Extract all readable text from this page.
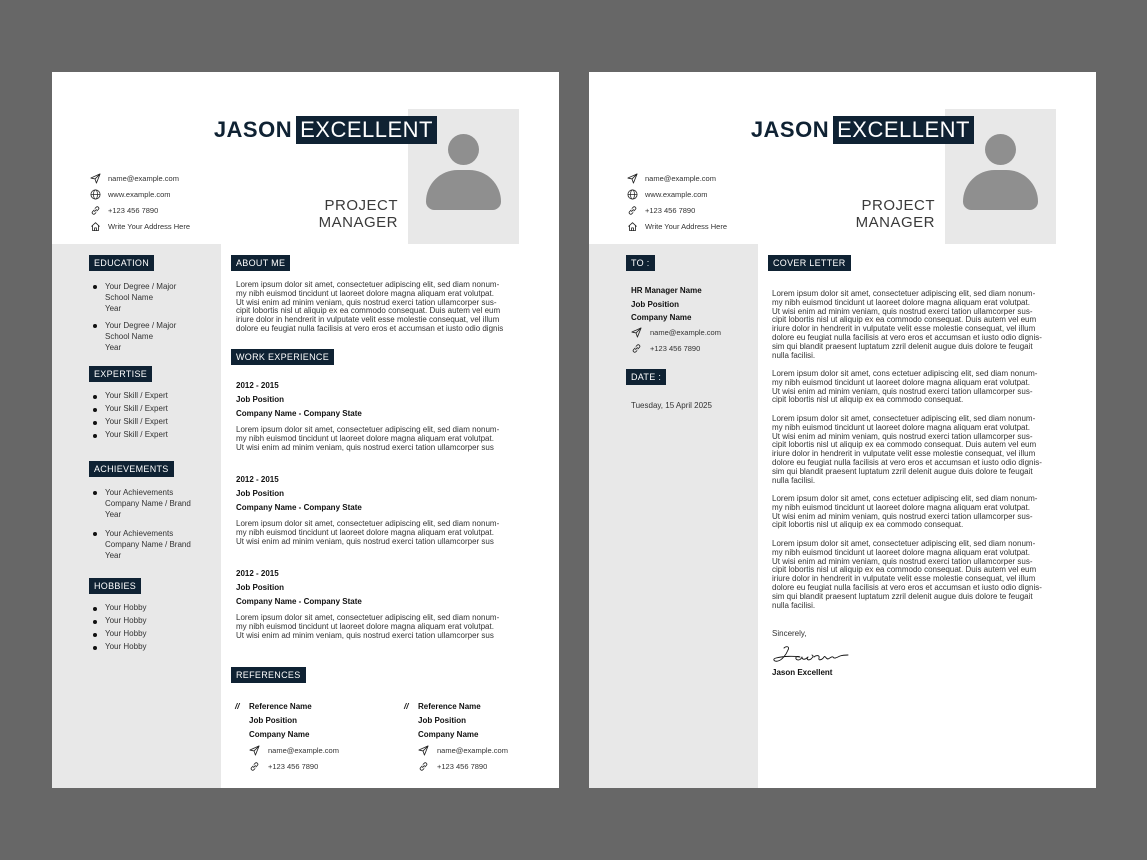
JASON EXCELLENT
PROJECT
MANAGER
name@example.com
www.example.com
+123 456 7890
Write Your Address Here
EDUCATION
Your Degree / Major
School Name
Year
Your Degree / Major
School Name
Year
EXPERTISE
Your Skill / Expert
Your Skill / Expert
Your Skill / Expert
Your Skill / Expert
ACHIEVEMENTS
Your Achievements
Company Name / Brand
Year
Your Achievements
Company Name / Brand
Year
HOBBIES
Your Hobby
Your Hobby
Your Hobby
Your Hobby
ABOUT ME
Lorem ipsum dolor sit amet, consectetuer adipiscing elit, sed diam nonum-
my nibh euismod tincidunt ut laoreet dolore magna aliquam erat volutpat.
Ut wisi enim ad minim veniam, quis nostrud exerci tation ullamcorper sus-
cipit lobortis nisl ut aliquip ex ea commodo consequat. Duis autem vel eum
iriure dolor in hendrerit in vulputate velit esse molestie consequat, vel illum
dolore eu feugiat nulla facilisis at vero eros et accumsan et iusto odio dignis
WORK EXPERIENCE
2012 - 2015
Job Position
Company Name - Company State
Lorem ipsum dolor sit amet, consectetuer adipiscing elit, sed diam nonum-
my nibh euismod tincidunt ut laoreet dolore magna aliquam erat volutpat.
Ut wisi enim ad minim veniam, quis nostrud exerci tation ullamcorper sus
2012 - 2015
Job Position
Company Name - Company State
Lorem ipsum dolor sit amet, consectetuer adipiscing elit, sed diam nonum-
my nibh euismod tincidunt ut laoreet dolore magna aliquam erat volutpat.
Ut wisi enim ad minim veniam, quis nostrud exerci tation ullamcorper sus
2012 - 2015
Job Position
Company Name - Company State
Lorem ipsum dolor sit amet, consectetuer adipiscing elit, sed diam nonum-
my nibh euismod tincidunt ut laoreet dolore magna aliquam erat volutpat.
Ut wisi enim ad minim veniam, quis nostrud exerci tation ullamcorper sus
REFERENCES
// Reference Name
Job Position
Company Name
name@example.com
+123 456 7890
// Reference Name
Job Position
Company Name
name@example.com
+123 456 7890
JASON EXCELLENT
PROJECT
MANAGER
name@example.com
www.example.com
+123 456 7890
Write Your Address Here
TO :
HR Manager Name
Job Position
Company Name
name@example.com
+123 456 7890
DATE :
Tuesday, 15 April 2025
COVER LETTER
Lorem ipsum dolor sit amet, consectetuer adipiscing elit, sed diam nonum-
my nibh euismod tincidunt ut laoreet dolore magna aliquam erat volutpat.
Ut wisi enim ad minim veniam, quis nostrud exerci tation ullamcorper sus-
cipit lobortis nisl ut aliquip ex ea commodo consequat. Duis autem vel eum
iriure dolor in hendrerit in vulputate velit esse molestie consequat, vel illum
dolore eu feugiat nulla facilisis at vero eros et accumsan et iusto odio dignis-
sim qui blandit praesent luptatum zzril delenit augue duis dolore te feugait
nulla facilisi.
Lorem ipsum dolor sit amet, cons ectetuer adipiscing elit, sed diam nonum-
my nibh euismod tincidunt ut laoreet dolore magna aliquam erat volutpat.
Ut wisi enim ad minim veniam, quis nostrud exerci tation ullamcorper sus-
cipit lobortis nisl ut aliquip ex ea commodo consequat.
Lorem ipsum dolor sit amet, consectetuer adipiscing elit, sed diam nonum-
my nibh euismod tincidunt ut laoreet dolore magna aliquam erat volutpat.
Ut wisi enim ad minim veniam, quis nostrud exerci tation ullamcorper sus-
cipit lobortis nisl ut aliquip ex ea commodo consequat. Duis autem vel eum
iriure dolor in hendrerit in vulputate velit esse molestie consequat, vel illum
dolore eu feugiat nulla facilisis at vero eros et accumsan et iusto odio dignis-
sim qui blandit praesent luptatum zzril delenit augue duis dolore te feugait
nulla facilisi.
Lorem ipsum dolor sit amet, cons ectetuer adipiscing elit, sed diam nonum-
my nibh euismod tincidunt ut laoreet dolore magna aliquam erat volutpat.
Ut wisi enim ad minim veniam, quis nostrud exerci tation ullamcorper sus-
cipit lobortis nisl ut aliquip ex ea commodo consequat.
Lorem ipsum dolor sit amet, consectetuer adipiscing elit, sed diam nonum-
my nibh euismod tincidunt ut laoreet dolore magna aliquam erat volutpat.
Ut wisi enim ad minim veniam, quis nostrud exerci tation ullamcorper sus-
cipit lobortis nisl ut aliquip ex ea commodo consequat. Duis autem vel eum
iriure dolor in hendrerit in vulputate velit esse molestie consequat, vel illum
dolore eu feugiat nulla facilisis at vero eros et accumsan et iusto odio dignis-
sim qui blandit praesent luptatum zzril delenit augue duis dolore te feugait
nulla facilisi.
Sincerely,
Jason Excellent
